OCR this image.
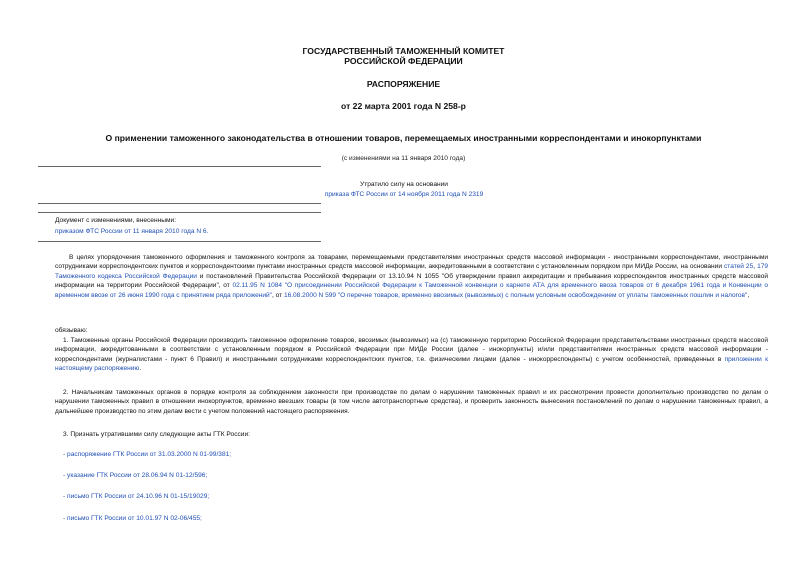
ГОСУДАРСТВЕННЫЙ ТАМОЖЕННЫЙ КОМИТЕТ
РОССИЙСКОЙ ФЕДЕРАЦИИ
РАСПОРЯЖЕНИЕ
от 22 марта 2001 года N 258-р
О применении таможенного законодательства в отношении товаров, перемещаемых иностранными корреспондентами и инокорпунктами
(с изменениями на 11 января 2010 года)
Утратило силу на основании
приказа ФТС России от 14 ноября 2011 года N 2319
Документ с изменениями, внесенными:
приказом ФТС России от 11 января 2010 года N 6.
В целях упорядочения таможенного оформления и таможенного контроля за товарами, перемещаемыми представителями иностранных средств массовой информации - иностранными корреспондентами, иностранными сотрудниками корреспондентских пунктов и корреспондентскими пунктами иностранных средств массовой информации, аккредитованными в соответствии с установленным порядком при МИДе России, на основании статей 25, 179 Таможенного кодекса Российской Федерации и постановлений Правительства Российской Федерации от 13.10.94 N 1055 "Об утверждении правил аккредитации и пребывания корреспондентов иностранных средств массовой информации на территории Российской Федерации", от 02.11.95 N 1084 "О присоединении Российской Федерации к Таможенной конвенции о карнете АТА для временного ввоза товаров от 6 декабря 1961 года и Конвенции о временном ввозе от 26 июня 1990 года с принятием ряда приложений", от 16.08.2000 N 599 "О перечне товаров, временно ввозимых (вывозимых) с полным условным освобождением от уплаты таможенных пошлин и налогов",
обязываю:
1. Таможенные органы Российской Федерации производить таможенное оформление товаров, ввозимых (вывозимых) на (с) таможенную территорию Российской Федерации представительствами иностранных средств массовой информации, аккредитованными в соответствии с установленным порядком в Российской Федерации при МИДе России (далее - инокорпункты) и/или представителями иностранных средств массовой информации - корреспондентами (журналистами - пункт 6 Правил) и иностранными сотрудниками корреспондентских пунктов, т.е. физическими лицами (далее - инокорреспонденты) с учетом особенностей, приведенных в приложении к настоящему распоряжению.
2. Начальникам таможенных органов в порядке контроля за соблюдением законности при производстве по делам о нарушении таможенных правил и их рассмотрении провести дополнительно производство по делам о нарушении таможенных правил в отношении инокорпунктов, временно ввезших товары (в том числе автотранспортные средства), и проверить законность вынесения постановлений по делам о нарушении таможенных правил, а дальнейшее производство по этим делам вести с учетом положений настоящего распоряжения.
3. Признать утратившими силу следующие акты ГТК России:
- распоряжение ГТК России от 31.03.2000 N 01-99/381;
- указание ГТК России от 28.06.94 N 01-12/596;
- письмо ГТК России от 24.10.96 N 01-15/19029;
- письмо ГТК России от 10.01.97 N 02-06/455;
